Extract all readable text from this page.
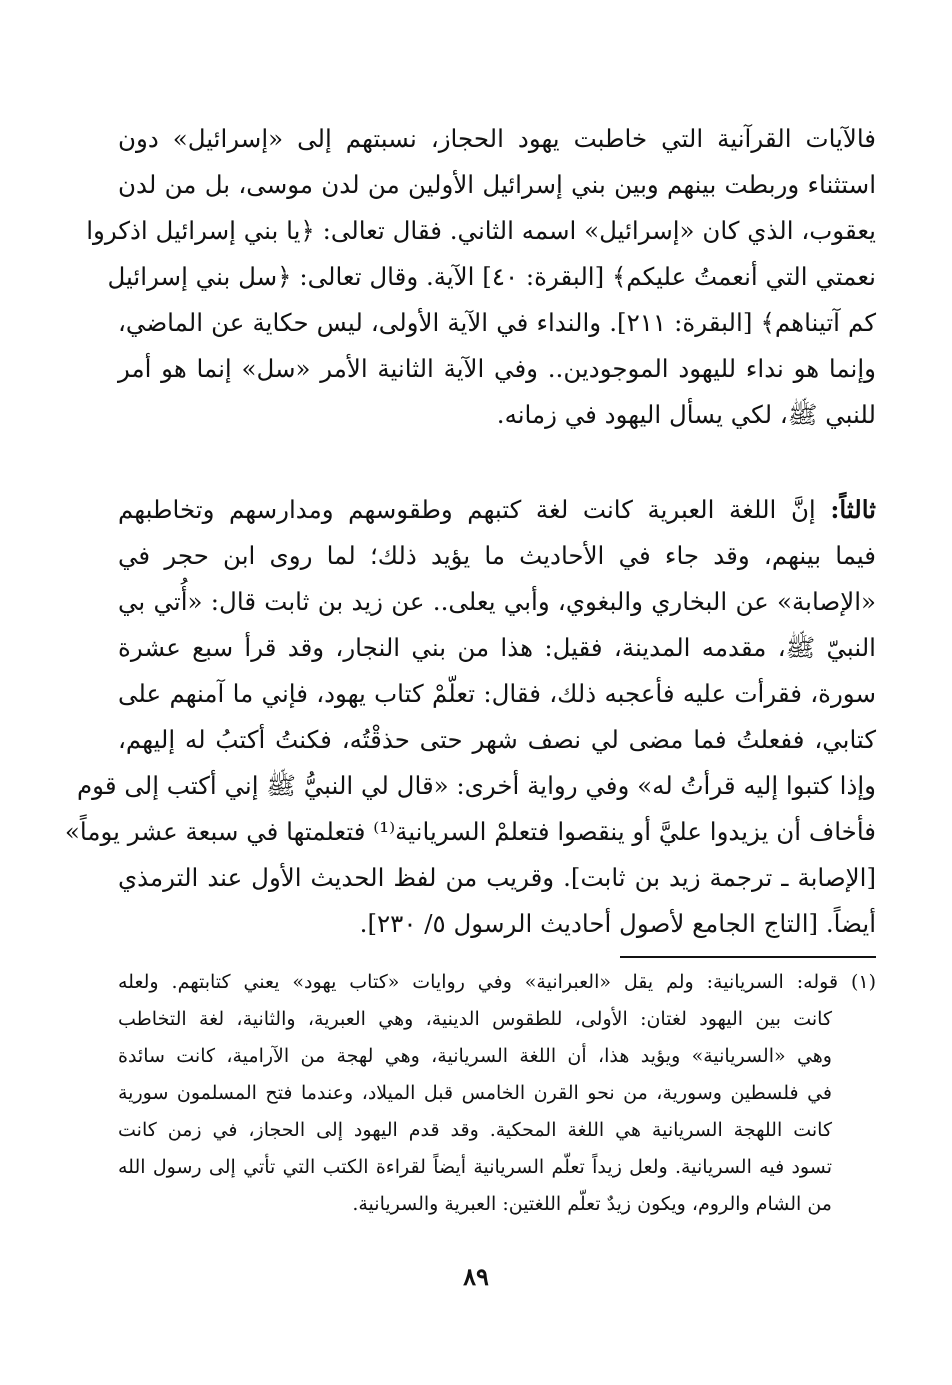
فالآيات القرآنية التي خاطبت يهود الحجاز، نسبتهم إلى «إسرائيل» دون
استثناء وربطت بينهم وبين بني إسرائيل الأولين من لدن موسى، بل من لدن
يعقوب، الذي كان «إسرائيل» اسمه الثاني. فقال تعالى: ﴿يا بني إسرائيل اذكروا
نعمتي التي أنعمتُ عليكم﴾ [البقرة: ٤٠] الآية. وقال تعالى: ﴿سل بني إسرائيل
كم آتيناهم﴾ [البقرة: ٢١١]. والنداء في الآية الأولى، ليس حكاية عن الماضي،
وإنما هو نداء لليهود الموجودين.. وفي الآية الثانية الأمر «سل» إنما هو أمر
للنبي ﷺ، لكي يسأل اليهود في زمانه.
ثالثاً: إنَّ اللغة العبرية كانت لغة كتبهم وطقوسهم ومدارسهم وتخاطبهم
فيما بينهم، وقد جاء في الأحاديث ما يؤيد ذلك؛ لما روى ابن حجر في
«الإصابة» عن البخاري والبغوي، وأبي يعلى.. عن زيد بن ثابت قال: «أُتي بي
النبيّ ﷺ، مقدمه المدينة، فقيل: هذا من بني النجار، وقد قرأ سبع عشرة
سورة، فقرأت عليه فأعجبه ذلك، فقال: تعلّمْ كتاب يهود، فإني ما آمنهم على
كتابي، ففعلتُ فما مضى لي نصف شهر حتى حذقْتُه، فكنتُ أكتبُ له إليهم،
وإذا كتبوا إليه قرأتُ له» وفي رواية أخرى: «قال لي النبيُّ ﷺ إني أكتب إلى قوم
فأخاف أن يزيدوا عليَّ أو ينقصوا فتعلمْ السريانية⁽¹⁾ فتعلمتها في سبعة عشر يوماً»
[الإصابة ـ ترجمة زيد بن ثابت]. وقريب من لفظ الحديث الأول عند الترمذي
أيضاً. [التاج الجامع لأصول أحاديث الرسول ٥/ ٢٣٠].
(١) قوله: السريانية: ولم يقل «العبرانية» وفي روايات «كتاب يهود» يعني كتابتهم. ولعله
كانت بين اليهود لغتان: الأولى، للطقوس الدينية، وهي العبرية، والثانية، لغة التخاطب
وهي «السريانية» ويؤيد هذا، أن اللغة السريانية، وهي لهجة من الآرامية، كانت سائدة
في فلسطين وسورية، من نحو القرن الخامس قبل الميلاد، وعندما فتح المسلمون سورية
كانت اللهجة السريانية هي اللغة المحكية. وقد قدم اليهود إلى الحجاز، في زمن كانت
تسود فيه السريانية. ولعل زيداً تعلّم السريانية أيضاً لقراءة الكتب التي تأتي إلى رسول الله
من الشام والروم، ويكون زيدٌ تعلّم اللغتين: العبرية والسريانية.
٨٩
